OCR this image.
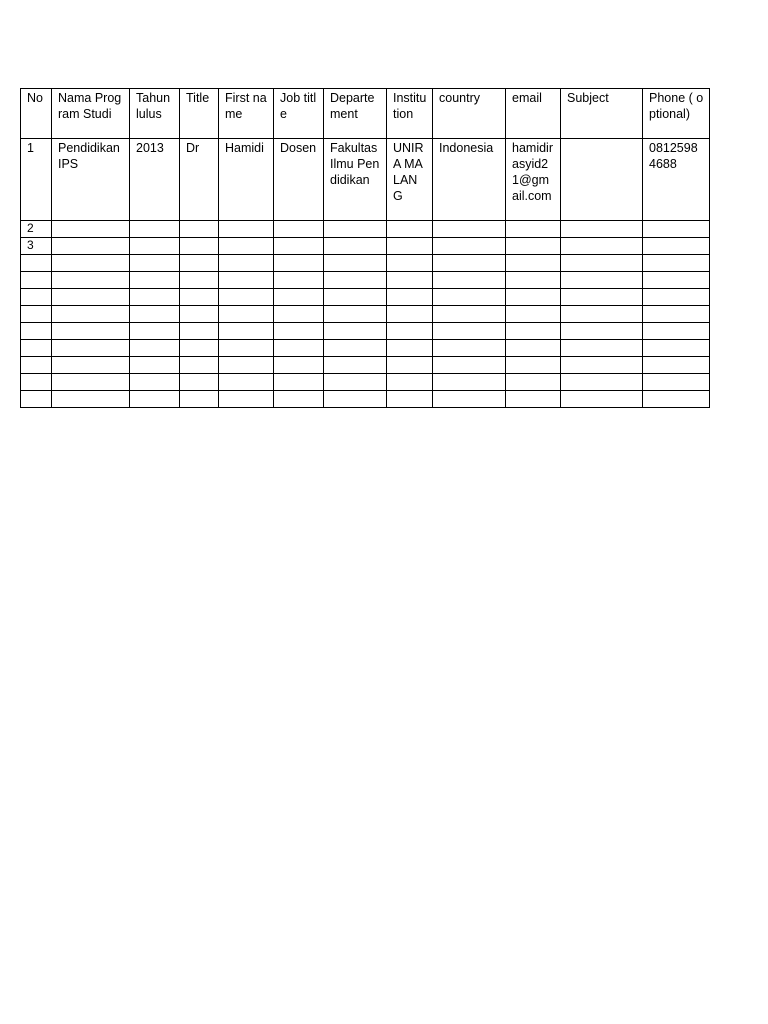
No	Nama Program Studi	Tahun lulus	Title	First name	Job title	Departement	Institution	country	email	Subject	Phone ( optional)
1	Pendidikan IPS	2013	Dr	Hamidi	Dosen	Fakultas Ilmu Pendidikan	UNIRA MALANG	Indonesia	hamidirasyid21@gmail.com		08125984688
2											
3											
